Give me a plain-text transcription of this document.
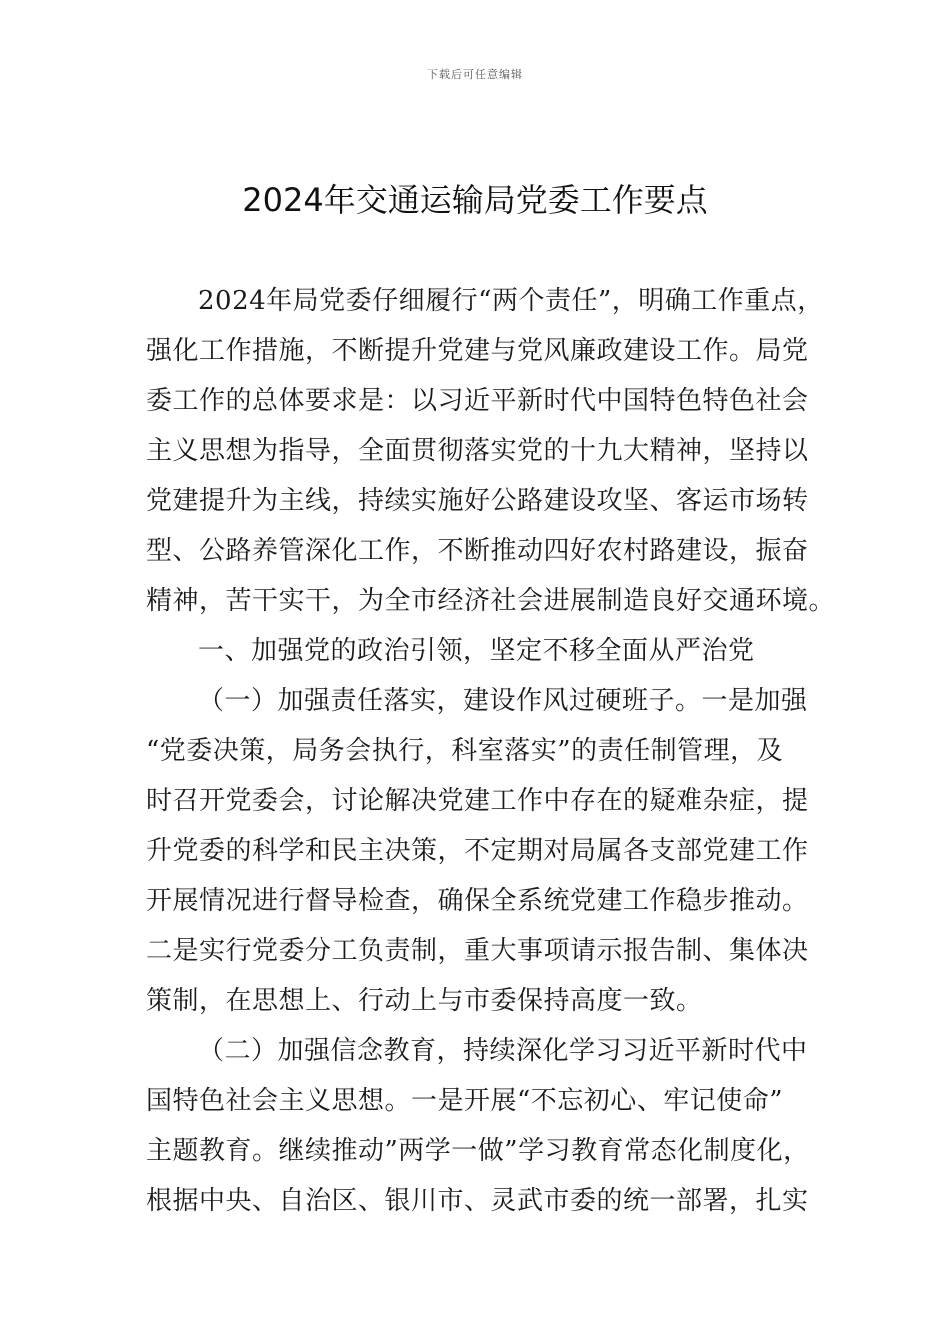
下载后可任意编辑
2024年交通运输局党委工作要点
2024年局党委仔细履行“两个责任”，明确工作重点，
强化工作措施，不断提升党建与党风廉政建设工作。局党
委工作的总体要求是：以习近平新时代中国特色特色社会
主义思想为指导，全面贯彻落实党的十九大精神，坚持以
党建提升为主线，持续实施好公路建设攻坚、客运市场转
型、公路养管深化工作，不断推动四好农村路建设，振奋
精神，苦干实干，为全市经济社会进展制造良好交通环境。
一、加强党的政治引领，坚定不移全面从严治党
（一）加强责任落实，建设作风过硬班子。一是加强
“党委决策，局务会执行，科室落实”的责任制管理，及
时召开党委会，讨论解决党建工作中存在的疑难杂症，提
升党委的科学和民主决策，不定期对局属各支部党建工作
开展情况进行督导检查，确保全系统党建工作稳步推动。
二是实行党委分工负责制，重大事项请示报告制、集体决
策制，在思想上、行动上与市委保持高度一致。
（二）加强信念教育，持续深化学习习近平新时代中
国特色社会主义思想。一是开展“不忘初心、牢记使命”
主题教育。继续推动”两学一做”学习教育常态化制度化，
根据中央、自治区、银川市、灵武市委的统一部署，扎实
